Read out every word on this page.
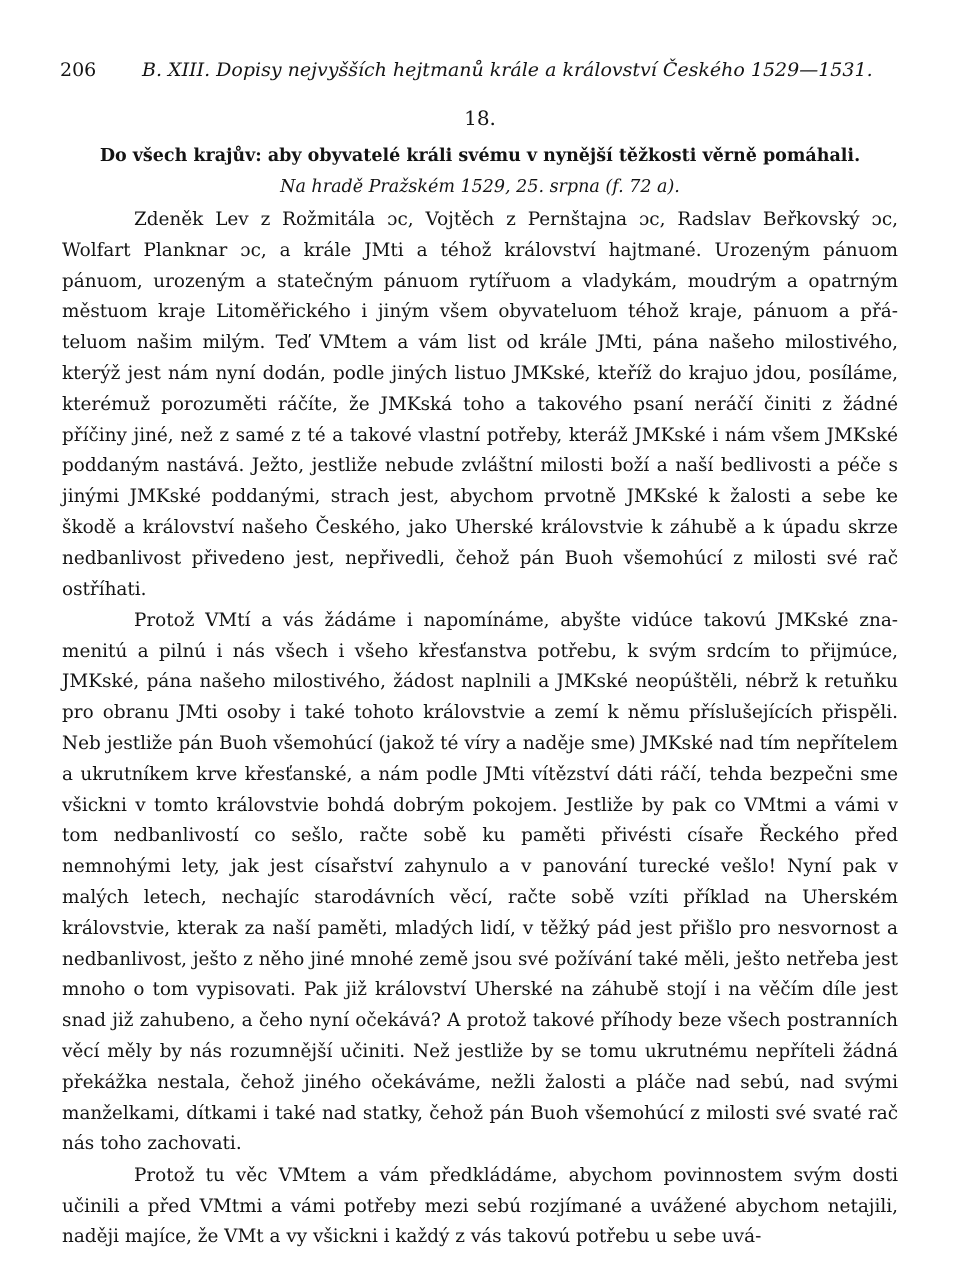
206 B. XIII. Dopisy nejvyšších hejtmanů krále a království Českého 1529—1531.
18.
Do všech krajův: aby obyvatelé králi svému v nynější těžkosti věrně pomáhali.
Na hradě Pražském 1529, 25. srpna (f. 72 a).

Zdeněk Lev z Rožmitála ɔc, Vojtěch z Pernštajna ɔc, Radslav Beřkovský ɔc, Wolfart Planknar ɔc, a krále JMti a téhož království hajtmané. Urozeným pánuom pánuom, urozeným a statečným pánuom rytířuom a vladykám, moudrým a opatrným městuom kraje Litoměřického i jiným všem obyvateluom téhož kraje, pánuom a přáteluom našim milým. Teď VMtem a vám list od krále JMti, pána našeho milostivého, kterýž jest nám nyní dodán, podle jiných listuo JMKské, kteříž do krajuo jdou, posíláme, kterémuž porozuměti ráčíte, že JMKská toho a takového psaní neráčí činiti z žádné příčiny jiné, než z samé z té a takové vlastní potřeby, kteráž JMKské i nám všem JMKské poddaným nastává. Ježto, jestliže nebude zvláštní milosti boží a naší bedlivosti a péče s jinými JMKské poddanými, strach jest, abychom prvotně JMKské k žalosti a sebe ke škodě a království našeho Českého, jako Uherské královstvie k záhubě a k úpadu skrze nedbanlivost přivedeno jest, nepřivedli, čehož pán Buoh všemohúcí z milosti své rač ostříhati.

Protož VMtí a vás žádáme i napomínáme, abyšte vidúce takovú JMKské znamenitú a pilnú i nás všech i všeho křesťanstva potřebu, k svým srdcím to přijmúce, JMKské, pána našeho milostivého, žádost naplnili a JMKské neopúštěli, nébrž k retuňku pro obranu JMti osoby i také tohoto královstvie a zemí k němu příslušejících přispěli. Neb jestliže pán Buoh všemohúcí (jakož té víry a naděje sme) JMKské nad tím nepřítelem a ukrutníkem krve křesťanské, a nám podle JMti vítězství dáti ráčí, tehda bezpečni sme všickni v tomto královstvie bohdá dobrým pokojem. Jestliže by pak co VMtmi a vámi v tom nedbanlivostí co sešlo, račte sobě ku paměti přivésti císaře Řeckého před nemnohými lety, jak jest císařství zahynulo a v panování turecké vešlo! Nyní pak v malých letech, nechajíc starodávních věcí, račte sobě vzíti příklad na Uherském královstvie, kterak za naší paměti, mladých lidí, v těžký pád jest přišlo pro nesvornost a nedbanlivost, ješto z něho jiné mnohé země jsou své požívání také měli, ješto netřeba jest mnoho o tom vypisovati. Pak již království Uherské na záhubě stojí i na věčím díle jest snad již zahubeno, a čeho nyní očekává? A protož takové příhody beze všech postranních věcí měly by nás rozumnější učiniti. Než jestliže by se tomu ukrutnému nepříteli žádná překážka nestala, čehož jiného očekáváme, nežli žalosti a pláče nad sebú, nad svými manželkami, dítkami i také nad statky, čehož pán Buoh všemohúcí z milosti své svaté rač nás toho zachovati.

Protož tu věc VMtem a vám předkládáme, abychom povinnostem svým dosti učinili a před VMtmi a vámi potřeby mezi sebú rozjímané a uvážené abychom netajili, naději majíce, že VMt a vy všickni i každý z vás takovú potřebu u sebe uvá-
